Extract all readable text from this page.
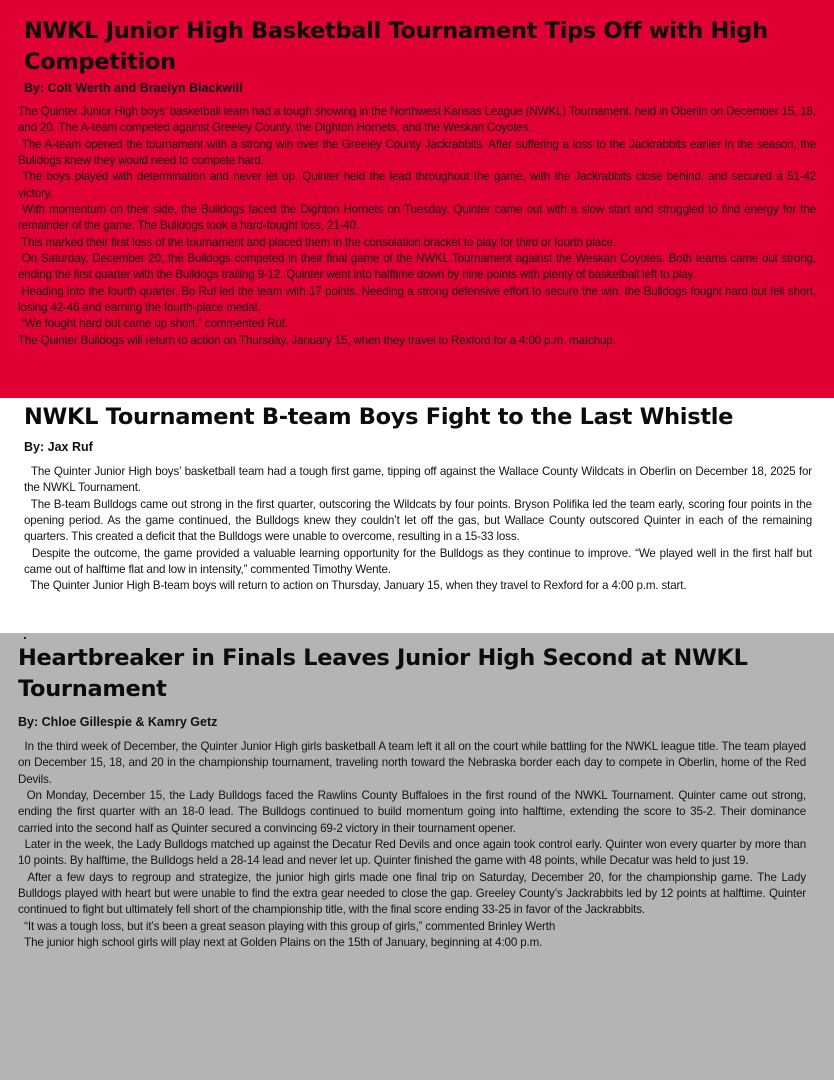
NWKL Junior High Basketball Tournament Tips Off with High Competition
By: Colt Werth and Braelyn Blackwill

The Quinter Junior High boys’ basketball team had a tough showing in the Northwest Kansas League (NWKL) Tournament, held in Oberlin on December 15, 18, and 20. The A-team competed against Greeley County, the Dighton Hornets, and the Weskan Coyotes.

The A-team opened the tournament with a strong win over the Greeley County Jackrabbits. After suffering a loss to the Jackrabbits earlier in the season, the Bulldogs knew they would need to compete hard.

The boys played with determination and never let up. Quinter held the lead throughout the game, with the Jackrabbits close behind, and secured a 51-42 victory.

With momentum on their side, the Bulldogs faced the Dighton Hornets on Tuesday. Quinter came out with a slow start and struggled to find energy for the remainder of the game. The Bulldogs took a hard-fought loss, 21-40.

This marked their first loss of the tournament and placed them in the consolation bracket to play for third or fourth place.

On Saturday, December 20, the Bulldogs competed in their final game of the NWKL Tournament against the Weskan Coyotes. Both teams came out strong, ending the first quarter with the Bulldogs trailing 9-12. Quinter went into halftime down by nine points with plenty of basketball left to play.

Heading into the fourth quarter, Bo Ruf led the team with 17 points. Needing a strong defensive effort to secure the win, the Bulldogs fought hard but fell short, losing 42-46 and earning the fourth-place medal.

“We fought hard but came up short,” commented Ruf.

The Quinter Bulldogs will return to action on Thursday, January 15, when they travel to Rexford for a 4:00 p.m. matchup.

NWKL Tournament B-team Boys Fight to the Last Whistle
By: Jax Ruf

The Quinter Junior High boys’ basketball team had a tough first game, tipping off against the Wallace County Wildcats in Oberlin on December 18, 2025 for the NWKL Tournament.

The B-team Bulldogs came out strong in the first quarter, outscoring the Wildcats by four points. Bryson Polifika led the team early, scoring four points in the opening period. As the game continued, the Bulldogs knew they couldn’t let off the gas, but Wallace County outscored Quinter in each of the remaining quarters. This created a deficit that the Bulldogs were unable to overcome, resulting in a 15-33 loss.

Despite the outcome, the game provided a valuable learning opportunity for the Bulldogs as they continue to improve. “We played well in the first half but came out of halftime flat and low in intensity,” commented Timothy Wente.

The Quinter Junior High B-team boys will return to action on Thursday, January 15, when they travel to Rexford for a 4:00 p.m. start.

Heartbreaker in Finals Leaves Junior High Second at NWKL Tournament
By: Chloe Gillespie & Kamry Getz

In the third week of December, the Quinter Junior High girls basketball A team left it all on the court while battling for the NWKL league title. The team played on December 15, 18, and 20 in the championship tournament, traveling north toward the Nebraska border each day to compete in Oberlin, home of the Red Devils.

On Monday, December 15, the Lady Bulldogs faced the Rawlins County Buffaloes in the first round of the NWKL Tournament. Quinter came out strong, ending the first quarter with an 18-0 lead. The Bulldogs continued to build momentum going into halftime, extending the score to 35-2. Their dominance carried into the second half as Quinter secured a convincing 69-2 victory in their tournament opener.

Later in the week, the Lady Bulldogs matched up against the Decatur Red Devils and once again took control early. Quinter won every quarter by more than 10 points. By halftime, the Bulldogs held a 28-14 lead and never let up. Quinter finished the game with 48 points, while Decatur was held to just 19.

After a few days to regroup and strategize, the junior high girls made one final trip on Saturday, December 20, for the championship game. The Lady Bulldogs played with heart but were unable to find the extra gear needed to close the gap. Greeley County’s Jackrabbits led by 12 points at halftime. Quinter continued to fight but ultimately fell short of the championship title, with the final score ending 33-25 in favor of the Jackrabbits.

“It was a tough loss, but it’s been a great season playing with this group of girls,” commented Brinley Werth

The junior high school girls will play next at Golden Plains on the 15th of January, beginning at 4:00 p.m.
